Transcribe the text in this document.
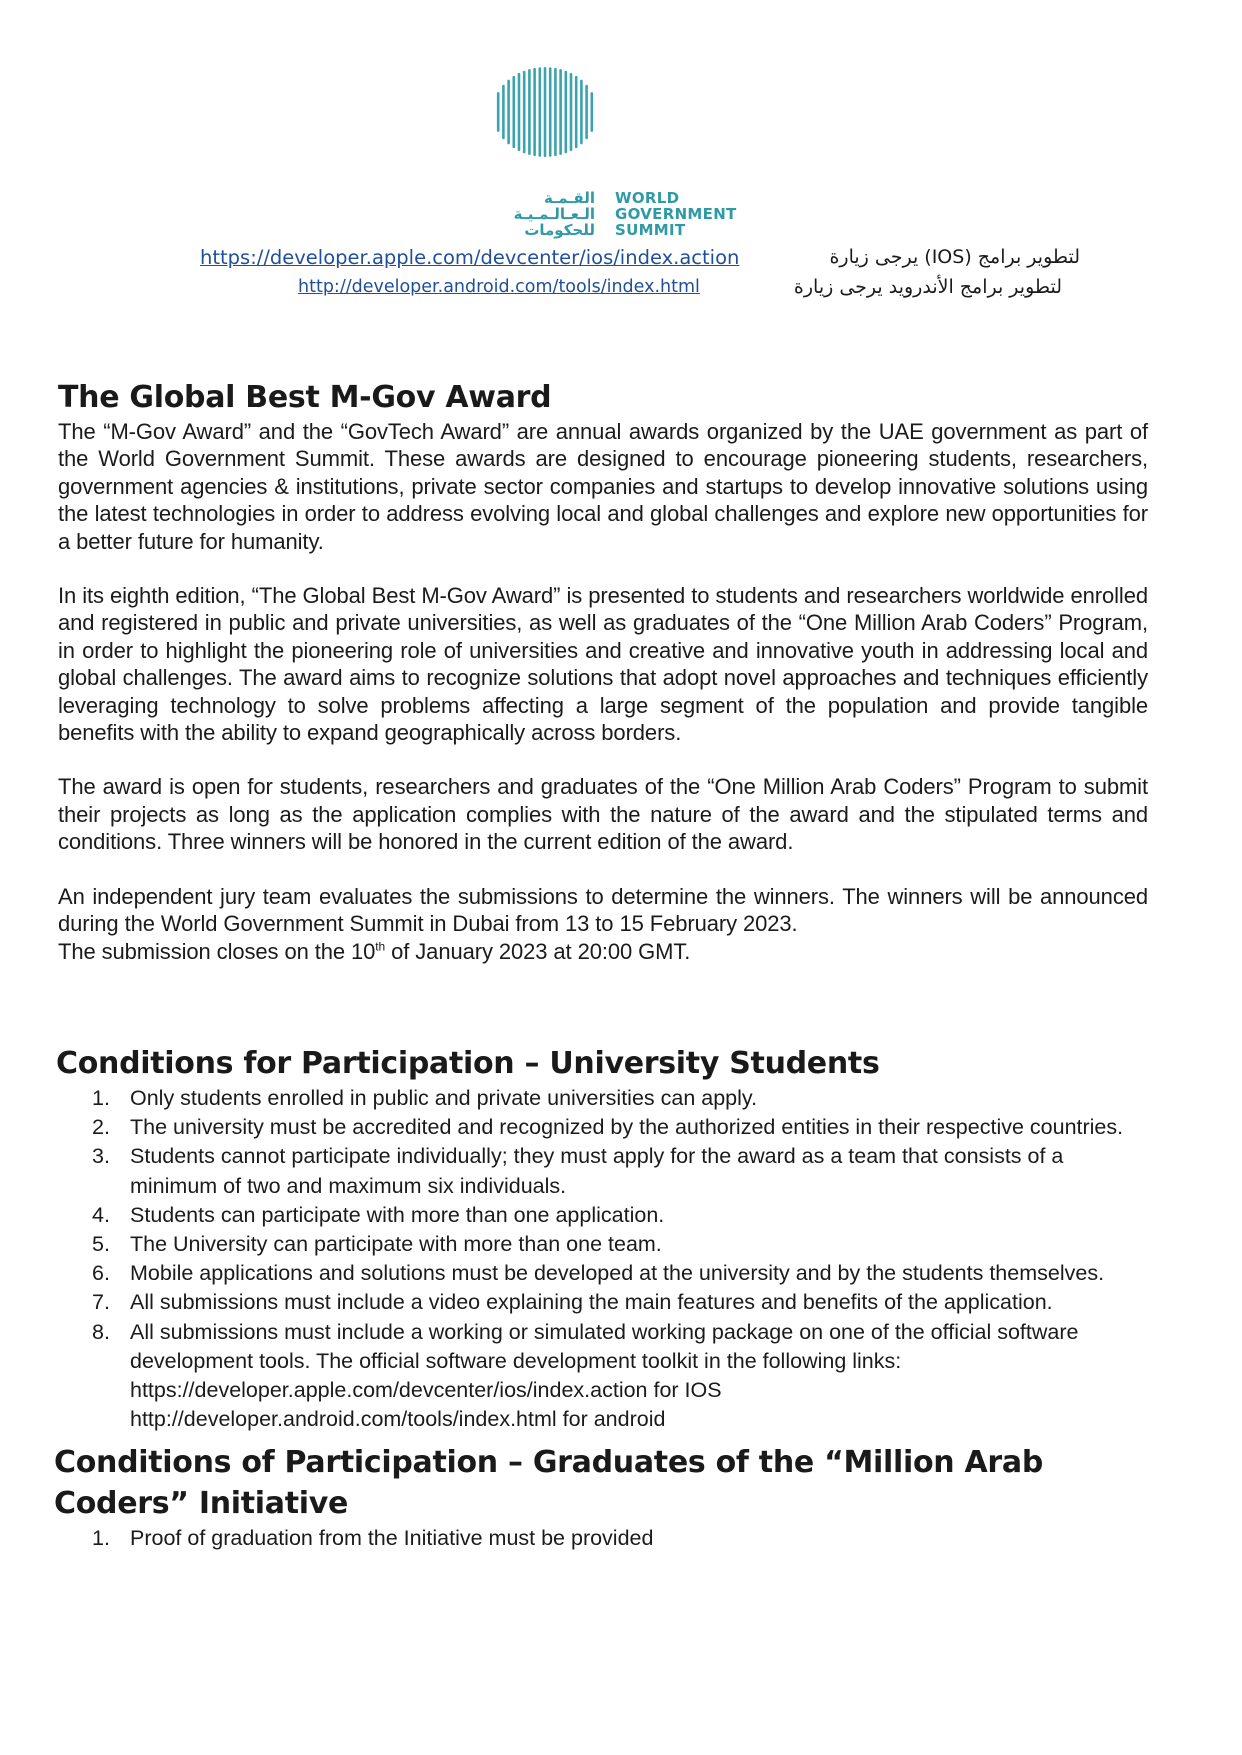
القـمـة
الـعـالـمـيـة
للحكومات
WORLD
GOVERNMENT
SUMMIT
https://developer.apple.com/devcenter/ios/index.action	لتطوير برامج (IOS) يرجى زيارة
http://developer.android.com/tools/index.html	لتطوير برامج الأندرويد يرجى زيارة
The Global Best M-Gov Award

The “M-Gov Award” and the “GovTech Award” are annual awards organized by the UAE government as part of the World Government Summit. These awards are designed to encourage pioneering students, researchers, government agencies & institutions, private sector companies and startups to develop innovative solutions using the latest technologies in order to address evolving local and global challenges and explore new opportunities for a better future for humanity.

In its eighth edition, “The Global Best M-Gov Award” is presented to students and researchers worldwide enrolled and registered in public and private universities, as well as graduates of the “One Million Arab Coders” Program, in order to highlight the pioneering role of universities and creative and innovative youth in addressing local and global challenges. The award aims to recognize solutions that adopt novel approaches and techniques efficiently leveraging technology to solve problems affecting a large segment of the population and provide tangible benefits with the ability to expand geographically across borders.

The award is open for students, researchers and graduates of the “One Million Arab Coders” Program to submit their projects as long as the application complies with the nature of the award and the stipulated terms and conditions. Three winners will be honored in the current edition of the award.

An independent jury team evaluates the submissions to determine the winners. The winners will be announced during the World Government Summit in Dubai from 13 to 15 February 2023.

The submission closes on the 10th of January 2023 at 20:00 GMT.

Conditions for Participation – University Students
1. Only students enrolled in public and private universities can apply.
2. The university must be accredited and recognized by the authorized entities in their respective countries.
3. Students cannot participate individually; they must apply for the award as a team that consists of a minimum of two and maximum six individuals.
4. Students can participate with more than one application.
5. The University can participate with more than one team.
6. Mobile applications and solutions must be developed at the university and by the students themselves.
7. All submissions must include a video explaining the main features and benefits of the application.
8. All submissions must include a working or simulated working package on one of the official software development tools. The official software development toolkit in the following links:
https://developer.apple.com/devcenter/ios/index.action for IOS
http://developer.android.com/tools/index.html for android
Conditions of Participation – Graduates of the “Million Arab
Coders” Initiative
1. Proof of graduation from the Initiative must be provided
